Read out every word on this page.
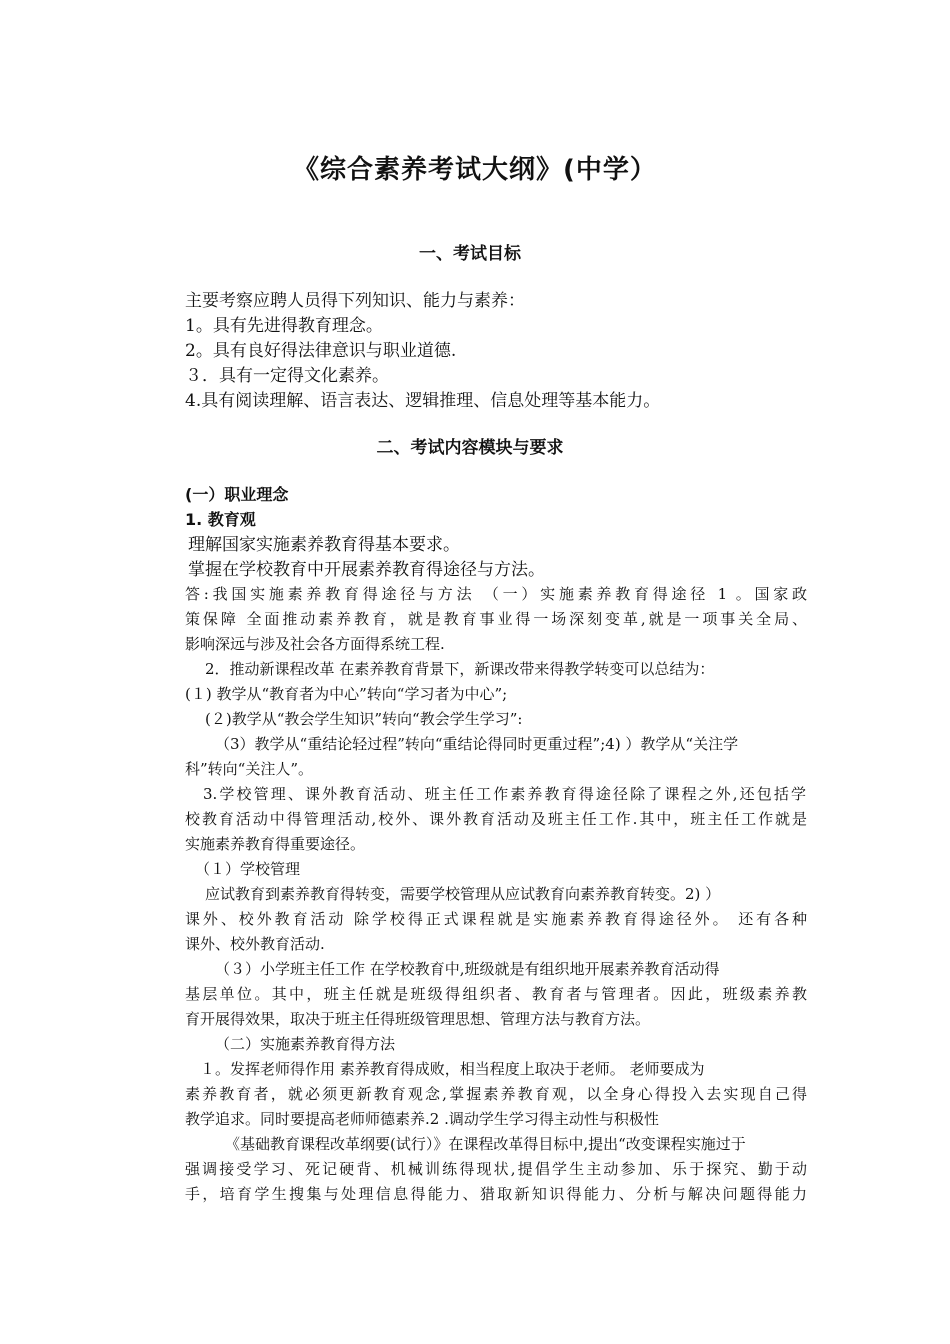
《综合素养考试大纲》(中学）
一、考试目标
主要考察应聘人员得下列知识、能力与素养：
1。具有先进得教育理念。
2。具有良好得法律意识与职业道德.
３．具有一定得文化素养。
4.具有阅读理解、语言表达、逻辑推理、信息处理等基本能力。
二、考试内容模块与要求
(一）职业理念
1. 教育观
理解国家实施素养教育得基本要求。
掌握在学校教育中开展素养教育得途径与方法。
答:我国实施素养教育得途径与方法 （一）实施素养教育得途径 1 。国家政
策保障 全面推动素养教育，就是教育事业得一场深刻变革,就是一项事关全局、
影响深远与涉及社会各方面得系统工程.
2．推动新课程改革 在素养教育背景下，新课改带来得教学转变可以总结为：
(１) 教学从“教育者为中心”转向“学习者为中心”;
(２)教学从“教会学生知识”转向“教会学生学习”:
（3）教学从“重结论轻过程”转向“重结论得同时更重过程”;4) ）教学从“关注学
科”转向“关注人”。
3.学校管理、课外教育活动、班主任工作素养教育得途径除了课程之外,还包括学
校教育活动中得管理活动,校外、课外教育活动及班主任工作.其中，班主任工作就是
实施素养教育得重要途径。
（１）学校管理
应试教育到素养教育得转变，需要学校管理从应试教育向素养教育转变。2) ）
课外、校外教育活动 除学校得正式课程就是实施素养教育得途径外。 还有各种
课外、校外教育活动.
（３）小学班主任工作 在学校教育中,班级就是有组织地开展素养教育活动得
基层单位。其中，班主任就是班级得组织者、教育者与管理者。因此，班级素养教
育开展得效果，取决于班主任得班级管理思想、管理方法与教育方法。
（二）实施素养教育得方法
１。发挥老师得作用 素养教育得成败，相当程度上取决于老师。 老师要成为
素养教育者，就必须更新教育观念,掌握素养教育观，以全身心得投入去实现自己得
教学追求。同时要提高老师师德素养.2 .调动学生学习得主动性与积极性
《基础教育课程改革纲要(试行）》在课程改革得目标中,提出“改变课程实施过于
强调接受学习、死记硬背、机械训练得现状,提倡学生主动参加、乐于探究、勤于动
手，培育学生搜集与处理信息得能力、猎取新知识得能力、分析与解决问题得能力
